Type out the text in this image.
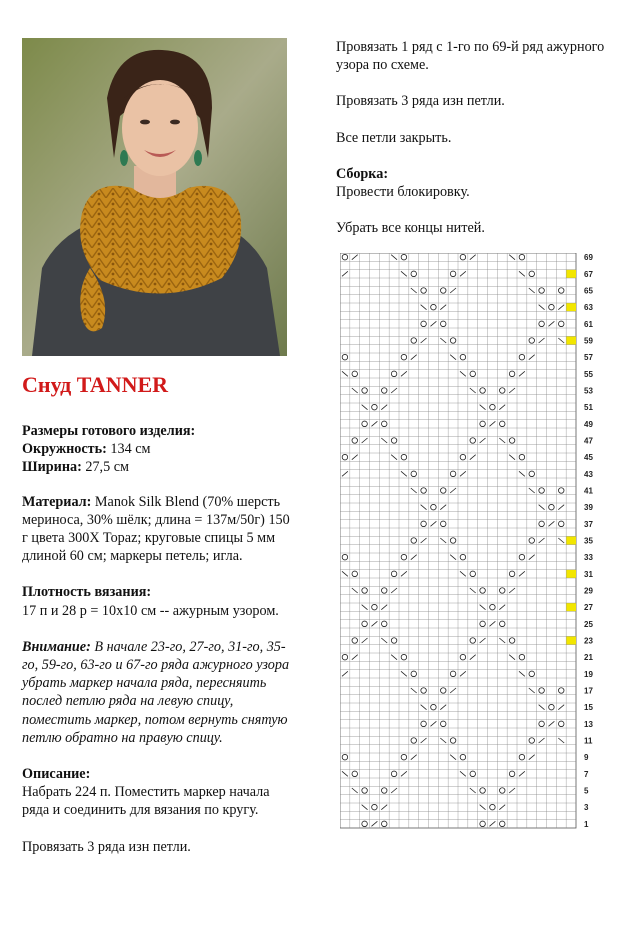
Снуд TANNER

Размеры готового изделия:
Окружность: 134 см
Ширина: 27,5 см

Материал: Manok Silk Blend (70% шерсть мериноса, 30% шёлк; длина = 137м/50г) 150 г цвета 300X Topaz; круговые спицы 5 мм длиной 60 см; маркеры петель; игла.

Плотность вязания:
17 п и 28 р = 10х10 см -- ажурным узором.

Внимание: В начале 23-го, 27-го, 31-го, 35-го, 59-го, 63-го и 67-го ряда ажурного узора убрать маркер начала ряда, пересняить послед петлю ряда на левую спицу, поместить маркер, потом вернуть снятую петлю обратно на правую спицу.

Описание:
Набрать 224 п. Поместить маркер начала ряда и соединить для вязания по кругу.

Провязать 3 ряда изн петли.

Провязать 1 ряд с 1-го по 69-й ряд ажурного узора по схеме.

Провязать 3 ряда изн петли.

Все петли закрыть.

Сборка:
Провести блокировку.

Убрать все концы нитей.

69
67
65
63
61
59
57
55
53
51
49
47
45
43
41
39
37
35
33
31
29
27
25
23
21
19
17
15
13
11
9
7
5
3
1
